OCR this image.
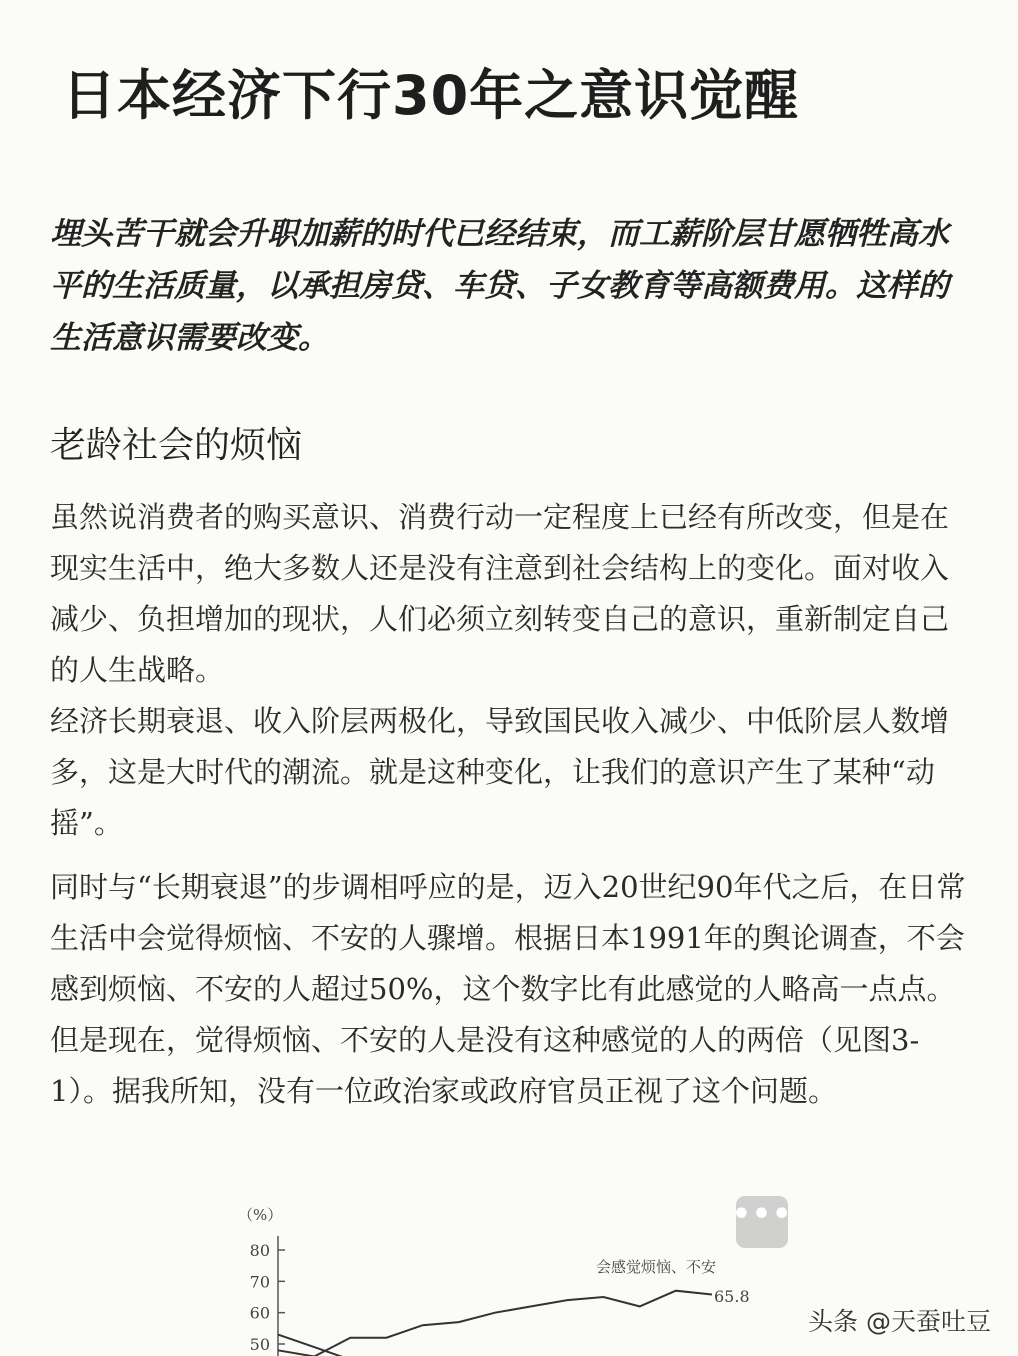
日本经济下行30年之意识觉醒

埋头苦干就会升职加薪的时代已经结束，而工薪阶层甘愿牺牲高水平的生活质量，以承担房贷、车贷、子女教育等高额费用。这样的生活意识需要改变。

老龄社会的烦恼

虽然说消费者的购买意识、消费行动一定程度上已经有所改变，但是在现实生活中，绝大多数人还是没有注意到社会结构上的变化。面对收入减少、负担增加的现状，人们必须立刻转变自己的意识，重新制定自己的人生战略。
经济长期衰退、收入阶层两极化，导致国民收入减少、中低阶层人数增多，这是大时代的潮流。就是这种变化，让我们的意识产生了某种“动摇”。

同时与“长期衰退”的步调相呼应的是，迈入20世纪90年代之后，在日常生活中会觉得烦恼、不安的人骤增。根据日本1991年的舆论调查，不会感到烦恼、不安的人超过50%，这个数字比有此感觉的人略高一点点。但是现在，觉得烦恼、不安的人是没有这种感觉的人的两倍（见图3-1）。据我所知，没有一位政治家或政府官员正视了这个问题。

（%）
80
70
60
50
会感觉烦恼、不安
65.8
•••
头条 @天蚕吐豆
